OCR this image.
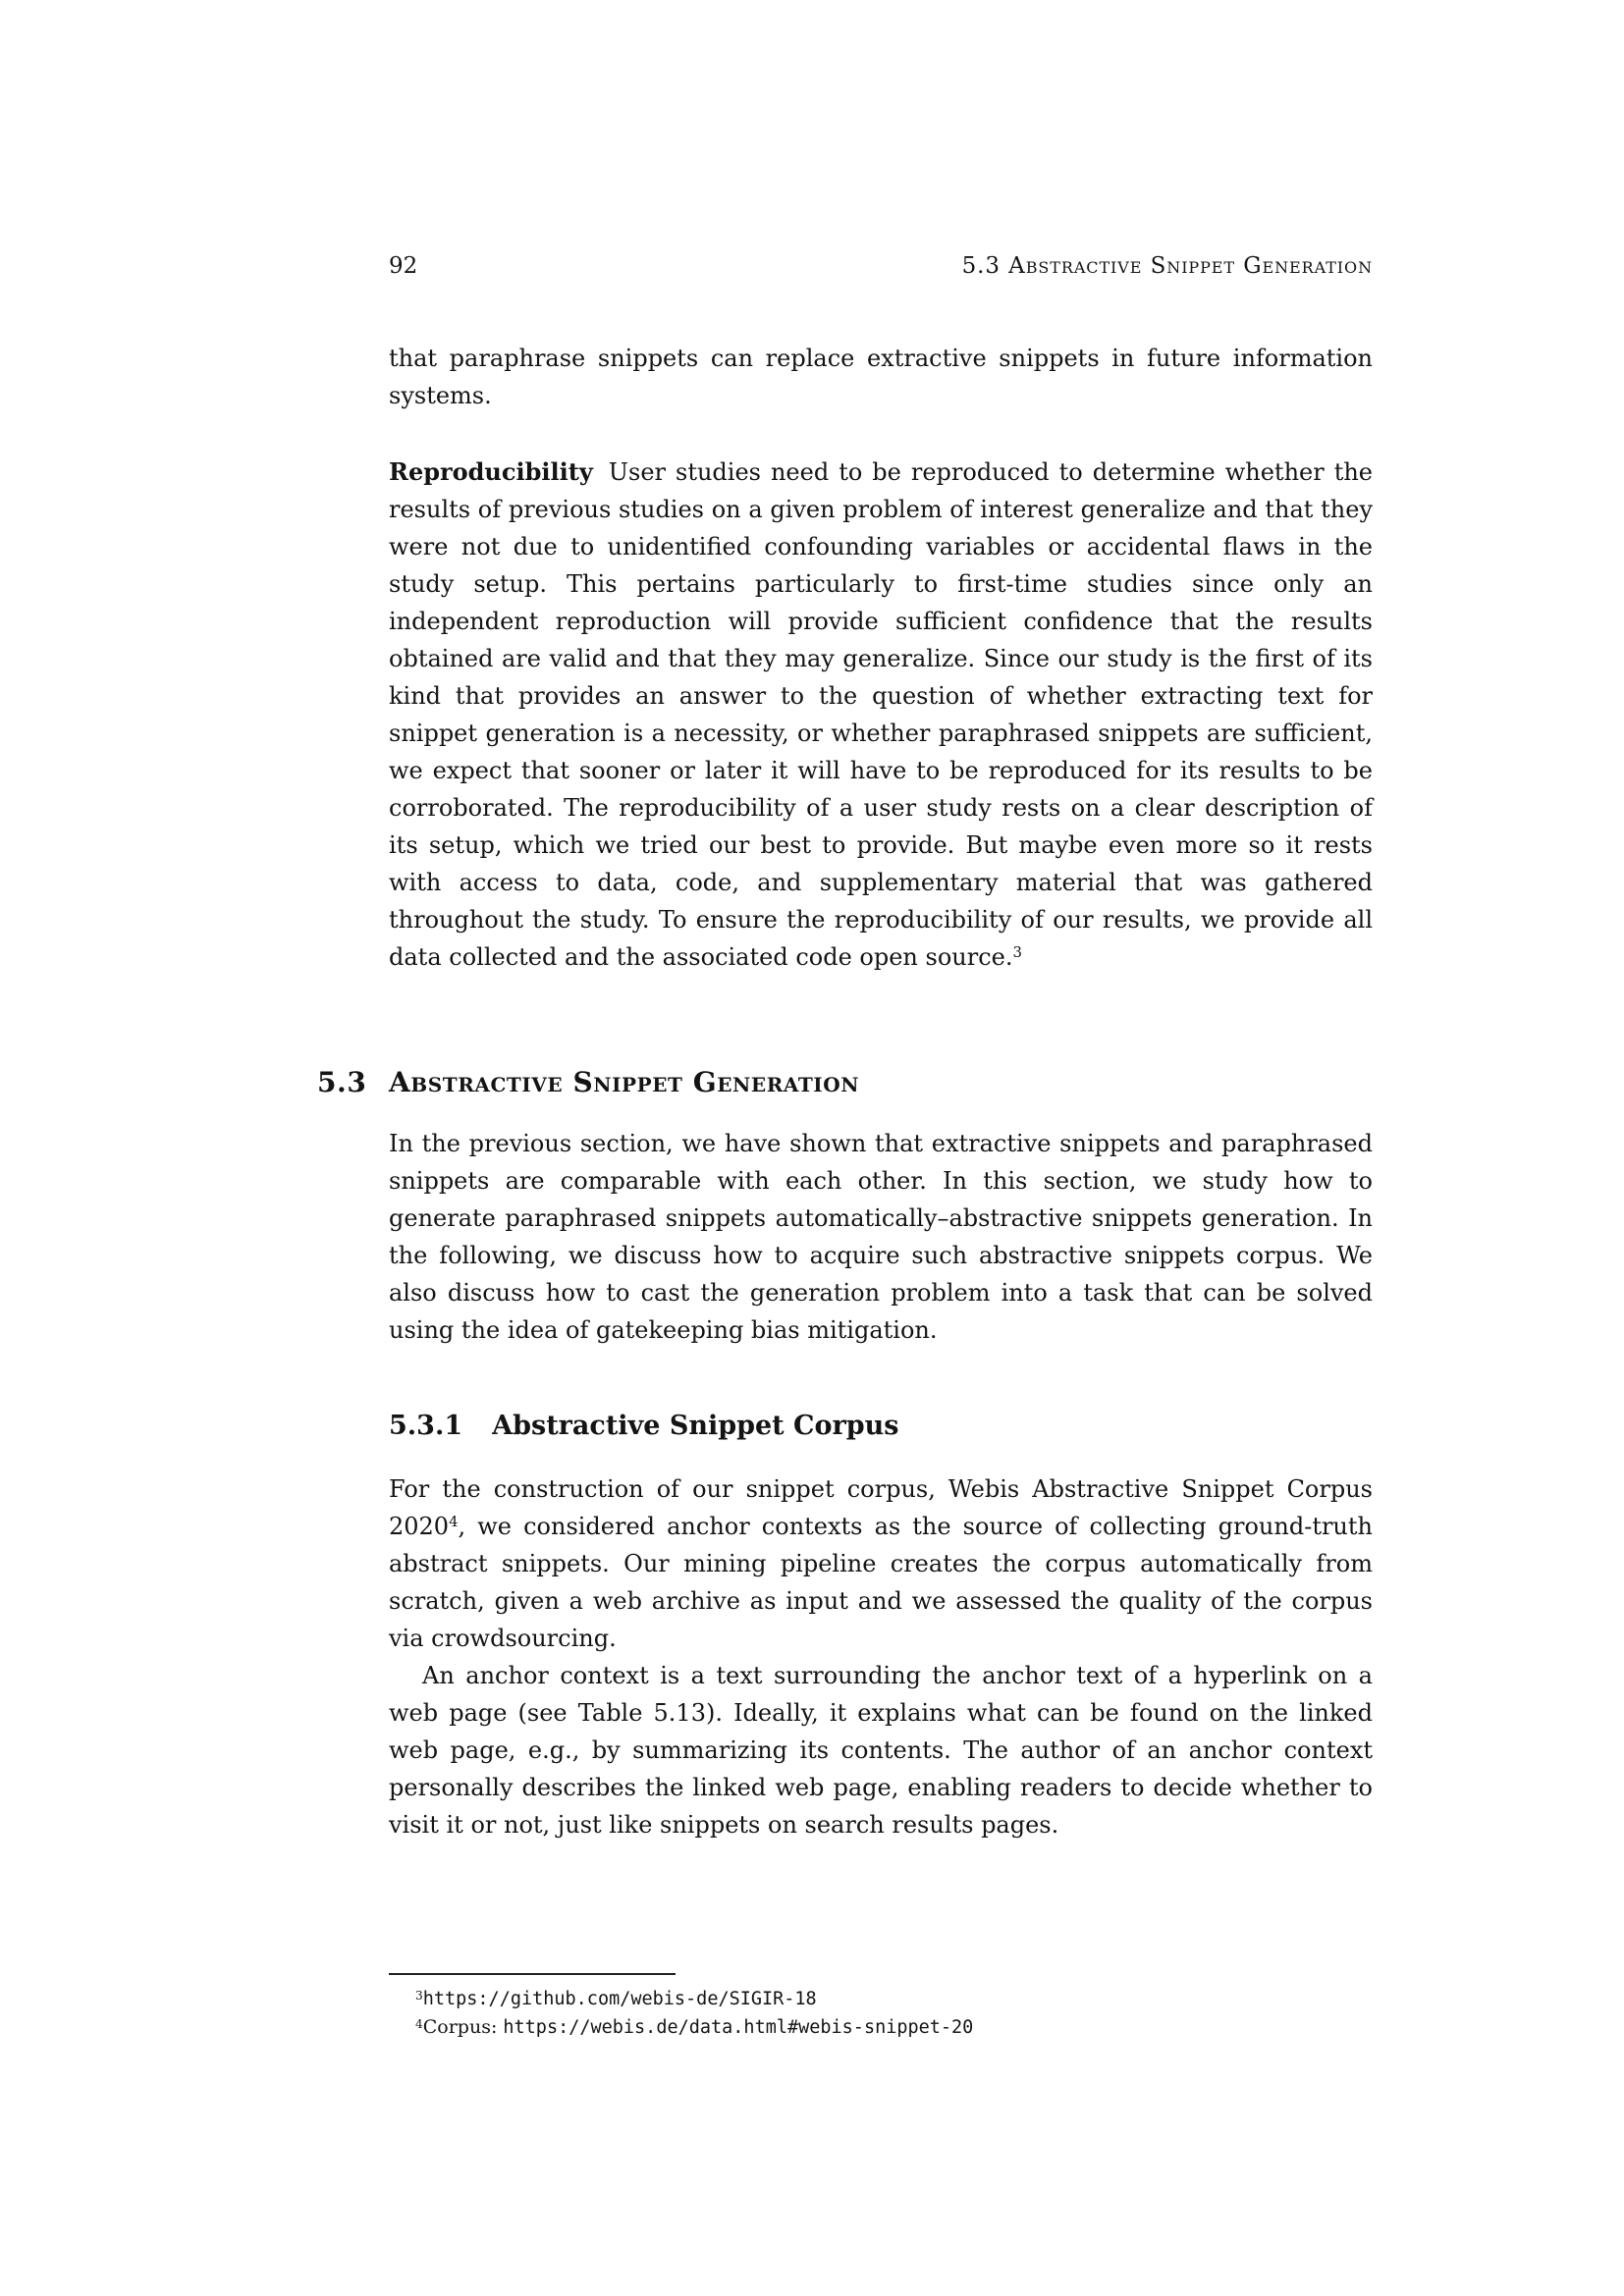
92	5.3 Abstractive Snippet Generation

that paraphrase snippets can replace extractive snippets in future information systems.

Reproducibility User studies need to be reproduced to determine whether the results of previous studies on a given problem of interest generalize and that they were not due to unidentified confounding variables or accidental flaws in the study setup. This pertains particularly to first-time studies since only an independent reproduction will provide sufficient confidence that the results obtained are valid and that they may generalize. Since our study is the first of its kind that provides an answer to the question of whether extracting text for snippet generation is a necessity, or whether paraphrased snippets are sufficient, we expect that sooner or later it will have to be reproduced for its results to be corroborated. The reproducibility of a user study rests on a clear description of its setup, which we tried our best to provide. But maybe even more so it rests with access to data, code, and supplementary material that was gathered throughout the study. To ensure the reproducibility of our results, we provide all data collected and the associated code open source.$^3$

5.3 Abstractive Snippet Generation

In the previous section, we have shown that extractive snippets and paraphrased snippets are comparable with each other. In this section, we study how to generate paraphrased snippets automatically–abstractive snippets generation. In the following, we discuss how to acquire such abstractive snippets corpus. We also discuss how to cast the generation problem into a task that can be solved using the idea of gatekeeping bias mitigation.

5.3.1 Abstractive Snippet Corpus

For the construction of our snippet corpus, Webis Abstractive Snippet Corpus 2020$^4$, we considered anchor contexts as the source of collecting ground-truth abstract snippets. Our mining pipeline creates the corpus automatically from scratch, given a web archive as input and we assessed the quality of the corpus via crowdsourcing.

An anchor context is a text surrounding the anchor text of a hyperlink on a web page (see Table 5.13). Ideally, it explains what can be found on the linked web page, e.g., by summarizing its contents. The author of an anchor context personally describes the linked web page, enabling readers to decide whether to visit it or not, just like snippets on search results pages.

$^3$https://github.com/webis-de/SIGIR-18

$^4$Corpus: https://webis.de/data.html#webis-snippet-20
